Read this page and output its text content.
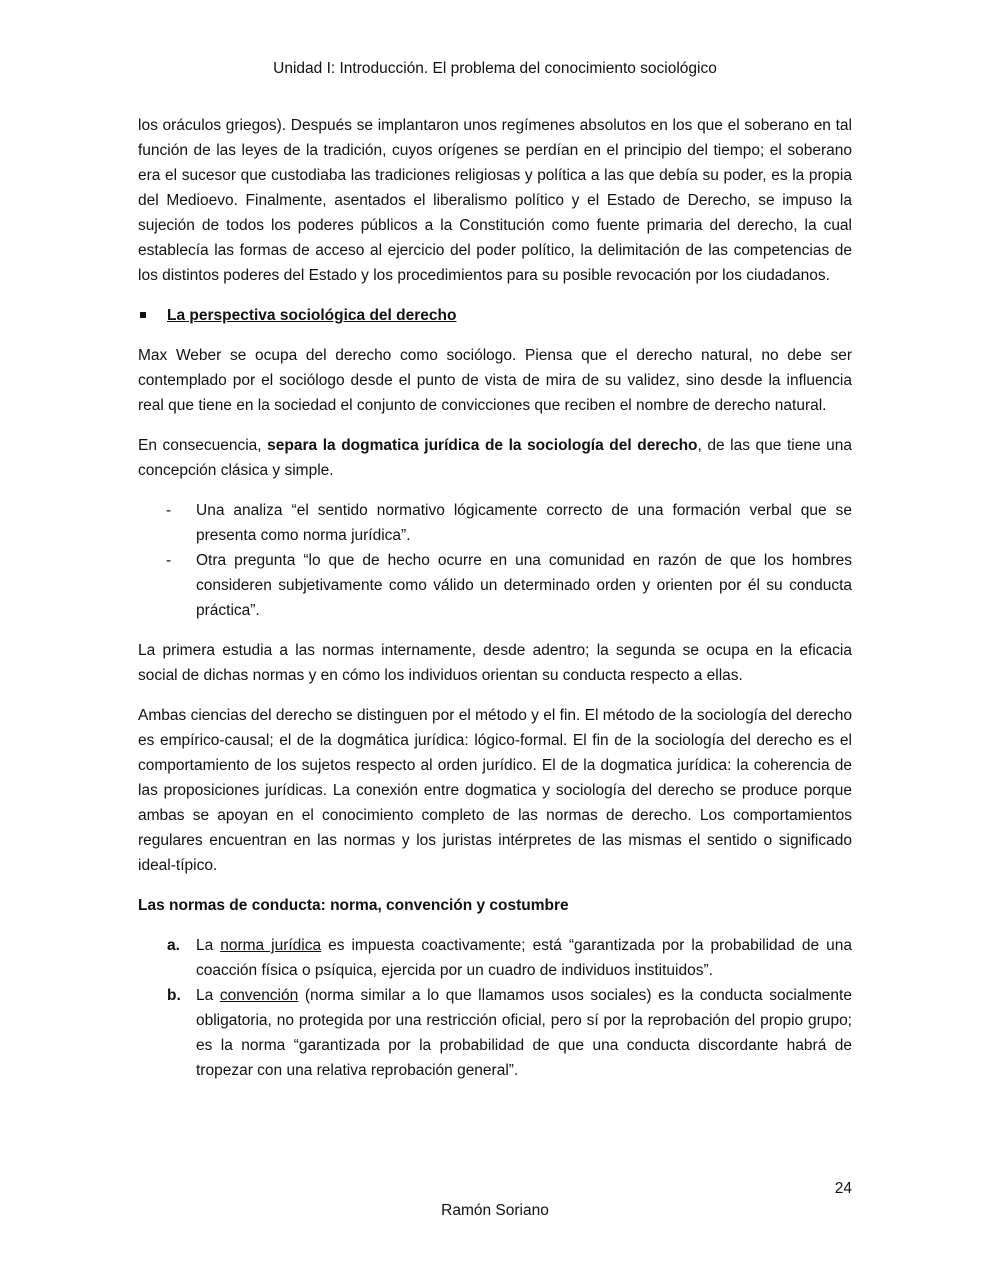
Unidad I: Introducción. El problema del conocimiento sociológico

los oráculos griegos). Después se implantaron unos regímenes absolutos en los que el soberano en tal función de las leyes de la tradición, cuyos orígenes se perdían en el principio del tiempo; el soberano era el sucesor que custodiaba las tradiciones religiosas y política a las que debía su poder, es la propia del Medioevo. Finalmente, asentados el liberalismo político y el Estado de Derecho, se impuso la sujeción de todos los poderes públicos a la Constitución como fuente primaria del derecho, la cual establecía las formas de acceso al ejercicio del poder político, la delimitación de las competencias de los distintos poderes del Estado y los procedimientos para su posible revocación por los ciudadanos.

La perspectiva sociológica del derecho

Max Weber se ocupa del derecho como sociólogo. Piensa que el derecho natural, no debe ser contemplado por el sociólogo desde el punto de vista de mira de su validez, sino desde la influencia real que tiene en la sociedad el conjunto de convicciones que reciben el nombre de derecho natural.

En consecuencia, separa la dogmatica jurídica de la sociología del derecho, de las que tiene una concepción clásica y simple.

- Una analiza “el sentido normativo lógicamente correcto de una formación verbal que se presenta como norma jurídica”.
- Otra pregunta “lo que de hecho ocurre en una comunidad en razón de que los hombres consideren subjetivamente como válido un determinado orden y orienten por él su conducta práctica”.

La primera estudia a las normas internamente, desde adentro; la segunda se ocupa en la eficacia social de dichas normas y en cómo los individuos orientan su conducta respecto a ellas.

Ambas ciencias del derecho se distinguen por el método y el fin. El método de la sociología del derecho es empírico-causal; el de la dogmática jurídica: lógico-formal. El fin de la sociología del derecho es el comportamiento de los sujetos respecto al orden jurídico. El de la dogmatica jurídica: la coherencia de las proposiciones jurídicas. La conexión entre dogmatica y sociología del derecho se produce porque ambas se apoyan en el conocimiento completo de las normas de derecho. Los comportamientos regulares encuentran en las normas y los juristas intérpretes de las mismas el sentido o significado ideal-típico.

Las normas de conducta: norma, convención y costumbre
a. La norma jurídica es impuesta coactivamente; está “garantizada por la probabilidad de una coacción física o psíquica, ejercida por un cuadro de individuos instituidos”.
b. La convención (norma similar a lo que llamamos usos sociales) es la conducta socialmente obligatoria, no protegida por una restricción oficial, pero sí por la reprobación del propio grupo; es la norma “garantizada por la probabilidad de que una conducta discordante habrá de tropezar con una relativa reprobación general”.
24
Ramón Soriano
